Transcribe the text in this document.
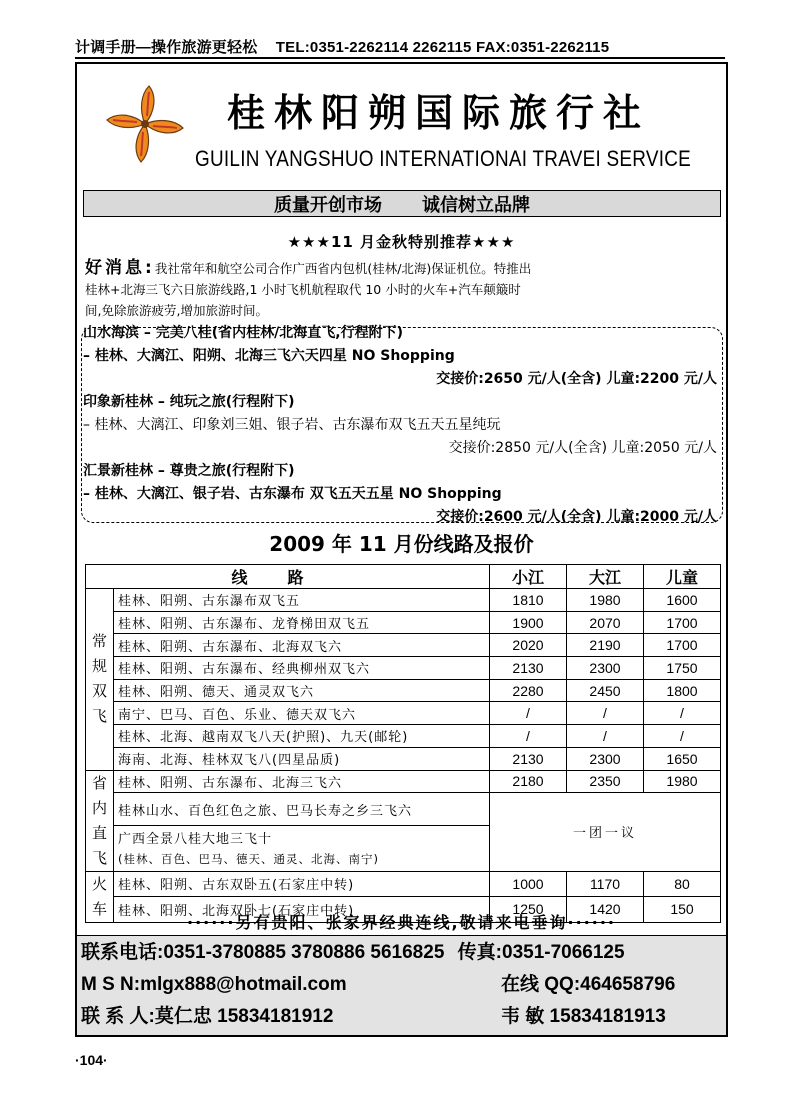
计调手册—操作旅游更轻松 TEL:0351-2262114 2262115 FAX:0351-2262115
桂林阳朔国际旅行社
GUILIN YANGSHUO INTERNATIONAI TRAVEI SERVICE
质量开创市场 诚信树立品牌
★★★11 月金秋特别推荐★★★
好消息:我社常年和航空公司合作广西省内包机(桂林/北海)保证机位。特推出
桂林+北海三飞六日旅游线路,1 小时飞机航程取代 10 小时的火车+汽车颠簸时
间,免除旅游疲劳,增加旅游时间。
山水海滨 – 完美八桂(省内桂林/北海直飞,行程附下)
– 桂林、大漓江、阳朔、北海三飞六天四星 NO Shopping
交接价:2650 元/人(全含) 儿童:2200 元/人
印象新桂林 – 纯玩之旅(行程附下)
– 桂林、大漓江、印象刘三姐、银子岩、古东瀑布双飞五天五星纯玩
交接价:2850 元/人(全含) 儿童:2050 元/人
汇景新桂林 – 尊贵之旅(行程附下)
– 桂林、大漓江、银子岩、古东瀑布 双飞五天五星 NO Shopping
交接价:2600 元/人(全含) 儿童:2000 元/人
2009 年 11 月份线路及报价
线路		小江	大江	儿童
常规双飞	桂林、阳朔、古东瀑布双飞五	1810	1980	1600
	桂林、阳朔、古东瀑布、龙脊梯田双飞五	1900	2070	1700
	桂林、阳朔、古东瀑布、北海双飞六	2020	2190	1700
	桂林、阳朔、古东瀑布、经典柳州双飞六	2130	2300	1750
	桂林、阳朔、德天、通灵双飞六	2280	2450	1800
	南宁、巴马、百色、乐业、德天双飞六	/	/	/
	桂林、北海、越南双飞八天(护照)、九天(邮轮)	/	/	/
	海南、北海、桂林双飞八(四星品质)	2130	2300	1650
省内直飞	桂林、阳朔、古东瀑布、北海三飞六	2180	2350	1980
	桂林山水、百色红色之旅、巴马长寿之乡三飞六	一团一议		
	广西全景八桂大地三飞十			
	(桂林、百色、巴马、德天、通灵、北海、南宁)			
火车	桂林、阳朔、古东双卧五(石家庄中转)	1000	1170	80
	桂林、阳朔、北海双卧七(石家庄中转)	1250	1420	150
······另有贵阳、张家界经典连线,敬请来电垂询······
联系电话:0351-3780885 3780886 5616825 传真:0351-7066125
M S N:mlgx888@hotmail.com	在线 QQ:464658796
联 系 人:莫仁忠 15834181912	韦 敏 15834181913
·104·
